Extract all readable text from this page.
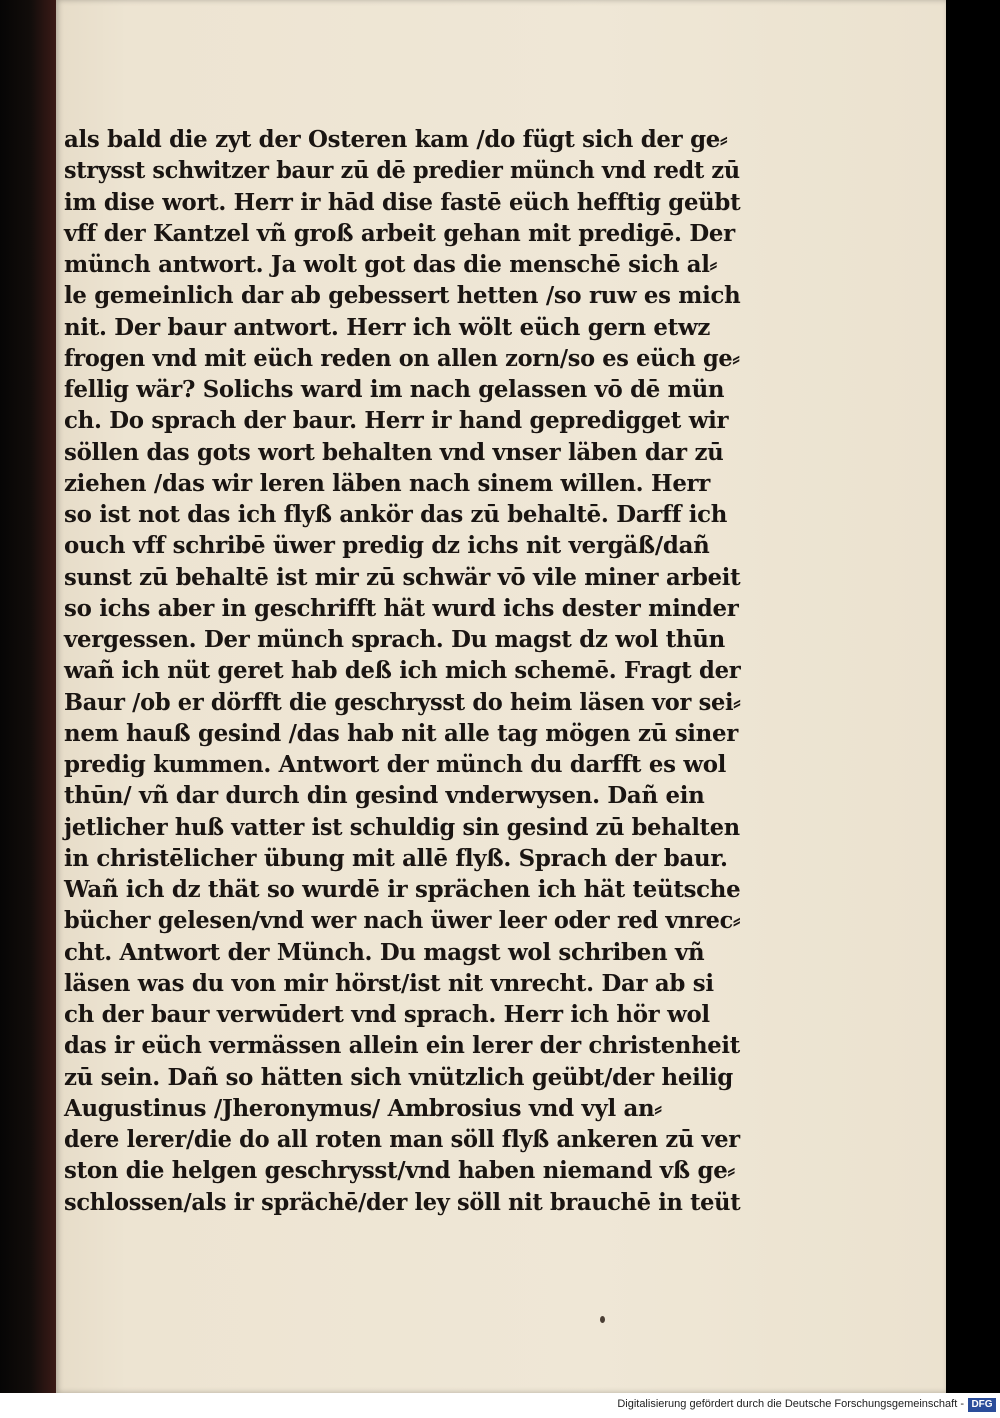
als bald die zyt der Osteren kam /do fügt sich der ge⸗
strysst schwitzer baur zū dē predier münch vnd redt zū
im dise wort. Herr ir hād dise fastē eüch hefftig geübt
vff der Kantzel vñ groß arbeit gehan mit predigē. Der
münch antwort. Ja wolt got das die menschē sich al⸗
le gemeinlich dar ab gebessert hetten /so ruw es mich
nit. Der baur antwort. Herr ich wölt eüch gern etwz
frogen vnd mit eüch reden on allen zorn/so es eüch ge⸗
fellig wär? Solichs ward im nach gelassen vō dē mün
ch. Do sprach der baur. Herr ir hand gepredigget wir
söllen das gots wort behalten vnd vnser läben dar zū
ziehen /das wir leren läben nach sinem willen. Herr
so ist not das ich flyß ankör das zū behaltē. Darff ich
ouch vff schribē üwer predig dz ichs nit vergäß/dañ
sunst zū behaltē ist mir zū schwär vō vile miner arbeit
so ichs aber in geschrifft hät wurd ichs dester minder
vergessen. Der münch sprach. Du magst dz wol thūn
wañ ich nüt geret hab deß ich mich schemē. Fragt der
Baur /ob er dörfft die geschrysst do heim läsen vor sei⸗
nem hauß gesind /das hab nit alle tag mögen zū siner
predig kummen. Antwort der münch du darfft es wol
thūn/ vñ dar durch din gesind vnderwysen. Dañ ein
jetlicher huß vatter ist schuldig sin gesind zū behalten
in christēlicher übung mit allē flyß. Sprach der baur.
Wañ ich dz thät so wurdē ir sprächen ich hät teütsche
bücher gelesen/vnd wer nach üwer leer oder red vnrec⸗
cht. Antwort der Münch. Du magst wol schriben vñ
läsen was du von mir hörst/ist nit vnrecht. Dar ab si
ch der baur verwūdert vnd sprach. Herr ich hör wol
das ir eüch vermässen allein ein lerer der christenheit
zū sein. Dañ so hätten sich vnützlich geübt/der heilig
Augustinus /Jheronymus/ Ambrosius vnd vyl an⸗
dere lerer/die do all roten man söll flyß ankeren zū ver
ston die helgen geschrysst/vnd haben niemand vß ge⸗
schlossen/als ir sprächē/der ley söll nit brauchē in teüt
Digitalisierung gefördert durch die Deutsche Forschungsgemeinschaft - DFG
